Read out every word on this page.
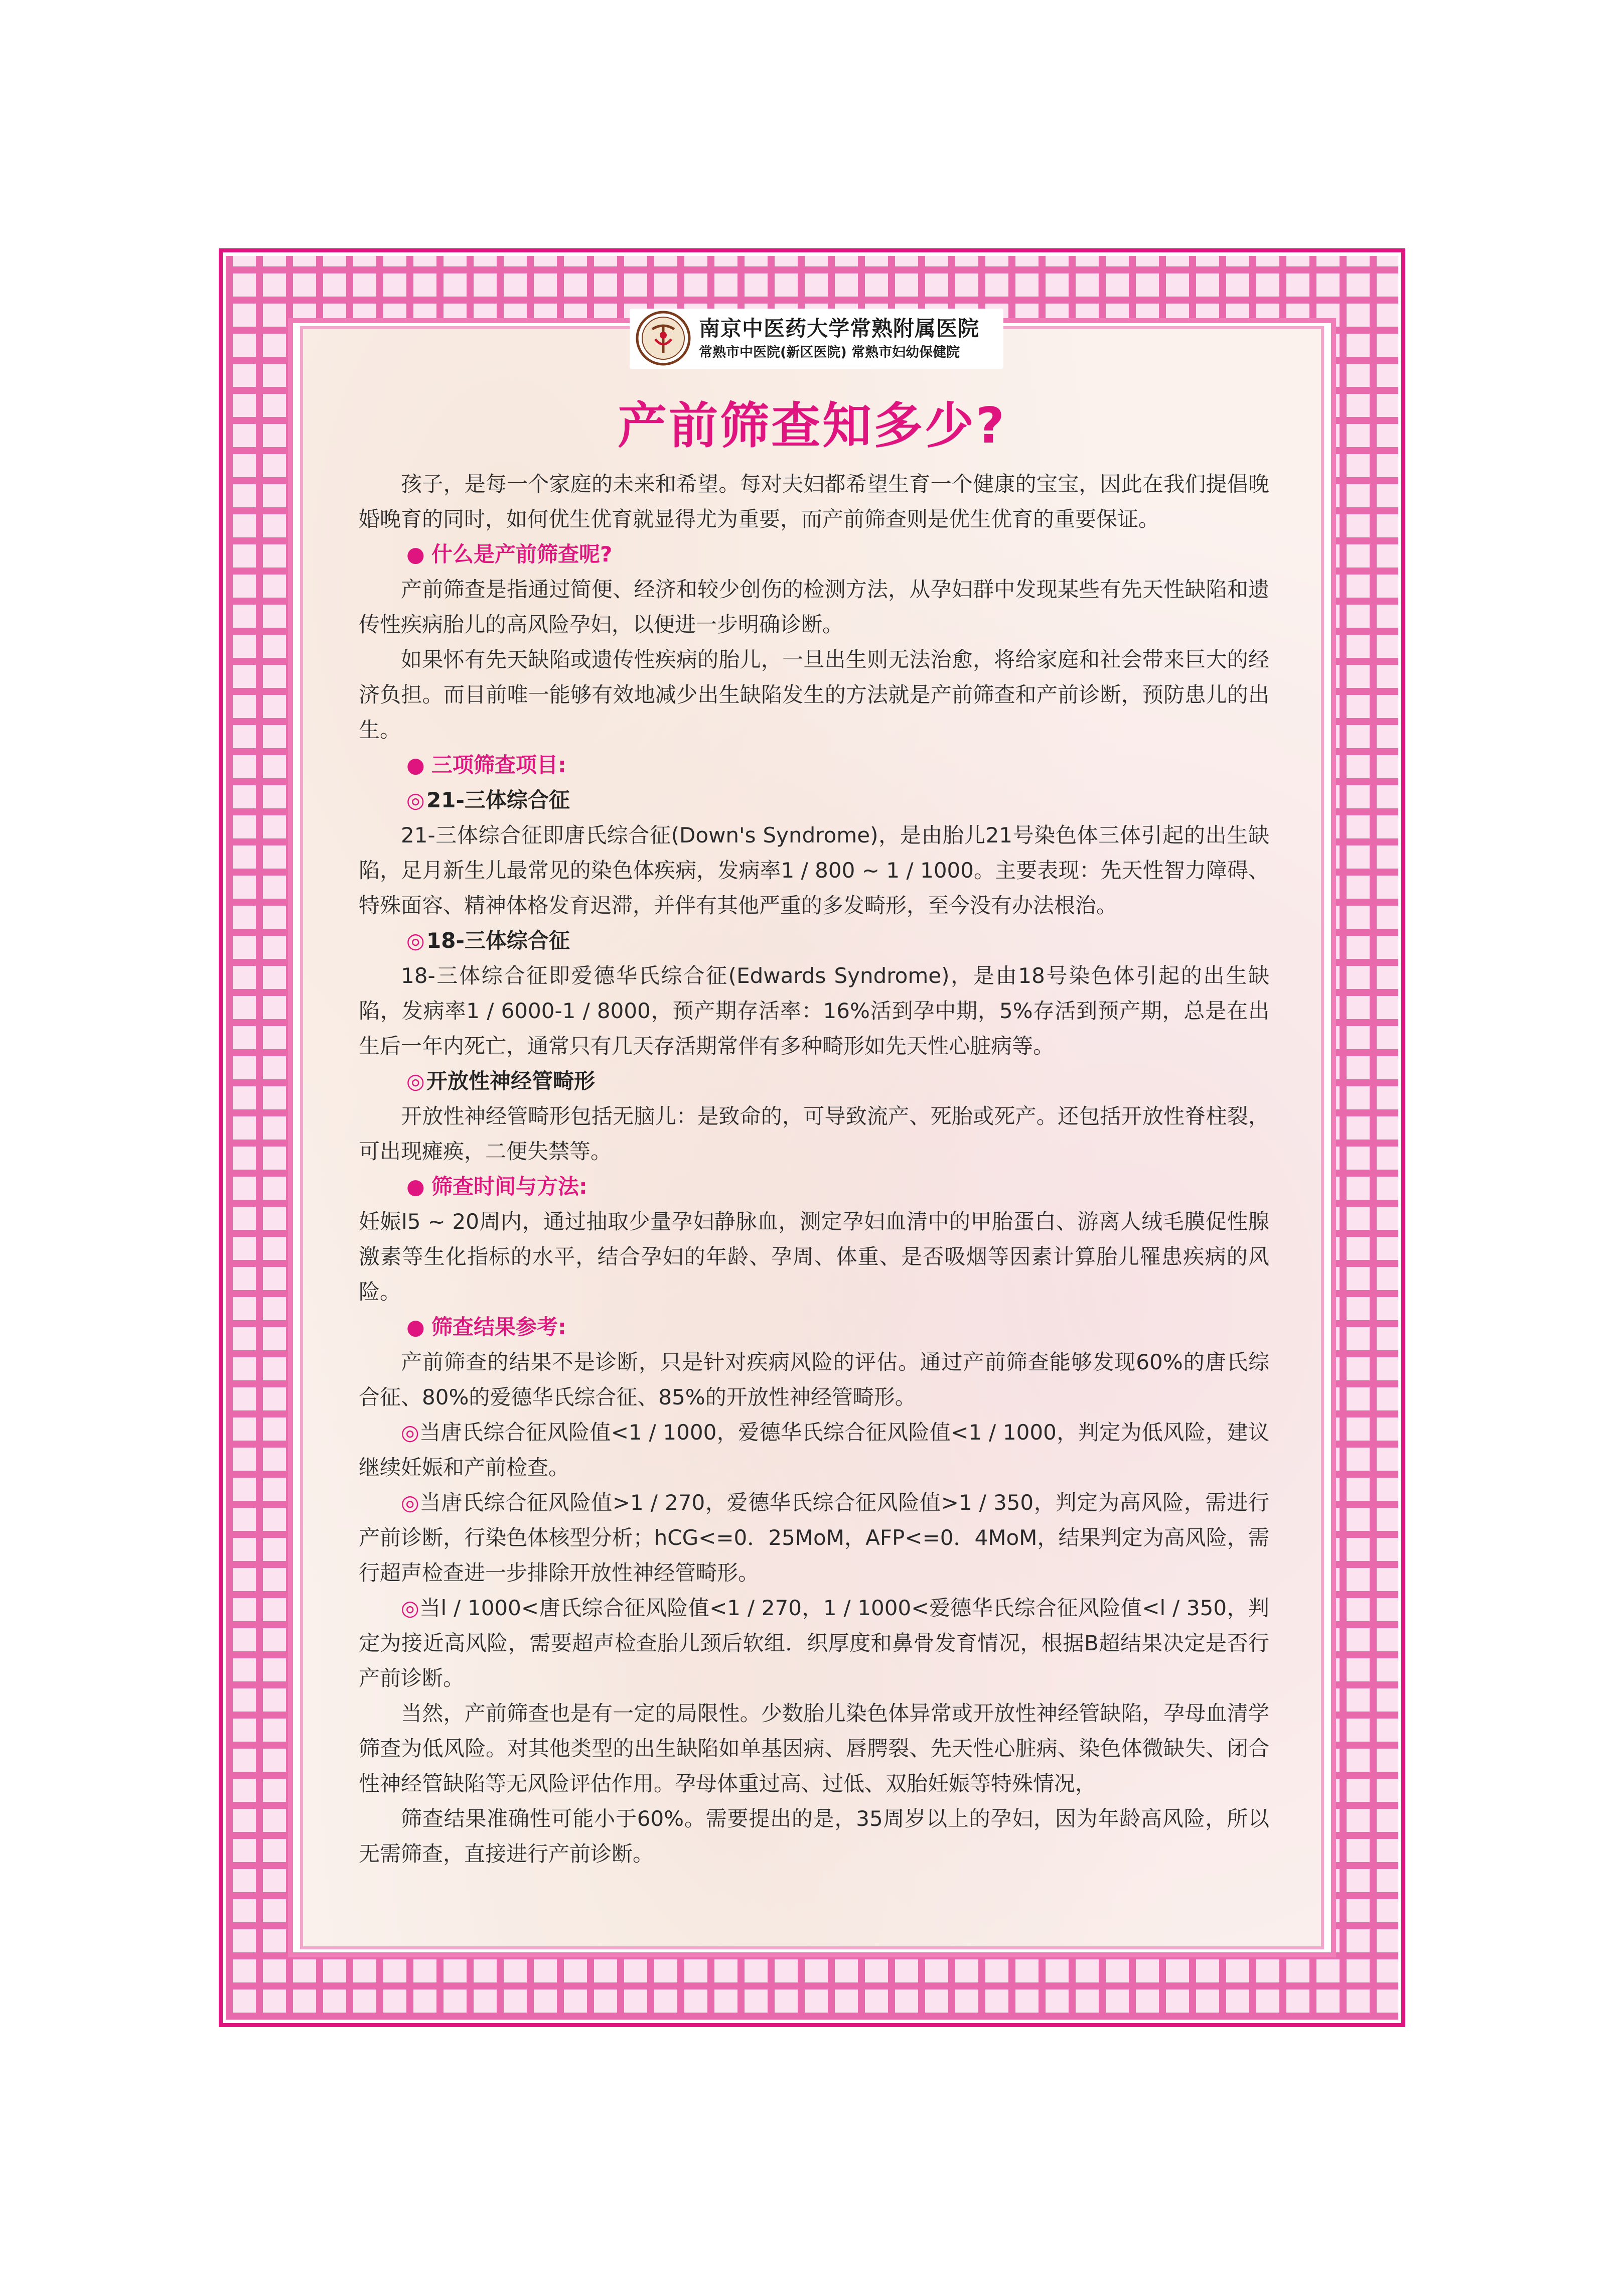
南京中医药大学常熟附属医院
常熟市中医院(新区医院) 常熟市妇幼保健院
产前筛查知多少?

孩子，是每一个家庭的未来和希望。每对夫妇都希望生育一个健康的宝宝，因此在我们提倡晚婚晚育的同时，如何优生优育就显得尤为重要，而产前筛查则是优生优育的重要保证。

● 什么是产前筛查呢?

产前筛查是指通过简便、经济和较少创伤的检测方法，从孕妇群中发现某些有先天性缺陷和遗传性疾病胎儿的高风险孕妇，以便进一步明确诊断。

如果怀有先天缺陷或遗传性疾病的胎儿，一旦出生则无法治愈，将给家庭和社会带来巨大的经济负担。而目前唯一能够有效地减少出生缺陷发生的方法就是产前筛查和产前诊断，预防患儿的出生。

● 三项筛查项目:
◎21-三体综合征

21-三体综合征即唐氏综合征(Down's Syndrome)，是由胎儿21号染色体三体引起的出生缺陷，足月新生儿最常见的染色体疾病，发病率1 / 800 ~ 1 / 1000。主要表现：先天性智力障碍、特殊面容、精神体格发育迟滞，并伴有其他严重的多发畸形，至今没有办法根治。

◎18-三体综合征

18-三体综合征即爱德华氏综合征(Edwards Syndrome)，是由18号染色体引起的出生缺陷，发病率1 / 6000-1 / 8000，预产期存活率：16%活到孕中期，5%存活到预产期，总是在出生后一年内死亡，通常只有几天存活期常伴有多种畸形如先天性心脏病等。

◎开放性神经管畸形

开放性神经管畸形包括无脑儿：是致命的，可导致流产、死胎或死产。还包括开放性脊柱裂，可出现瘫痪，二便失禁等。

● 筛查时间与方法:

妊娠l5 ~ 20周内，通过抽取少量孕妇静脉血，测定孕妇血清中的甲胎蛋白、游离人绒毛膜促性腺激素等生化指标的水平，结合孕妇的年龄、孕周、体重、是否吸烟等因素计算胎儿罹患疾病的风险。

● 筛查结果参考:

产前筛查的结果不是诊断，只是针对疾病风险的评估。通过产前筛查能够发现60%的唐氏综合征、80%的爱德华氏综合征、85%的开放性神经管畸形。

◎当唐氏综合征风险值<1 / 1000，爱德华氏综合征风险值<1 / 1000，判定为低风险，建议继续妊娠和产前检查。

◎当唐氏综合征风险值>1 / 270，爱德华氏综合征风险值>1 / 350，判定为高风险，需进行产前诊断，行染色体核型分析；hCG<=0．25MoM，AFP<=0．4MoM，结果判定为高风险，需行超声检查进一步排除开放性神经管畸形。

◎当l / 1000<唐氏综合征风险值<1 / 270，1 / 1000<爱德华氏综合征风险值<l / 350，判定为接近高风险，需要超声检查胎儿颈后软组．织厚度和鼻骨发育情况，根据B超结果决定是否行产前诊断。

当然，产前筛查也是有一定的局限性。少数胎儿染色体异常或开放性神经管缺陷，孕母血清学筛查为低风险。对其他类型的出生缺陷如单基因病、唇腭裂、先天性心脏病、染色体微缺失、闭合性神经管缺陷等无风险评估作用。孕母体重过高、过低、双胎妊娠等特殊情况，

筛查结果准确性可能小于60%。需要提出的是，35周岁以上的孕妇，因为年龄高风险，所以无需筛查，直接进行产前诊断。
